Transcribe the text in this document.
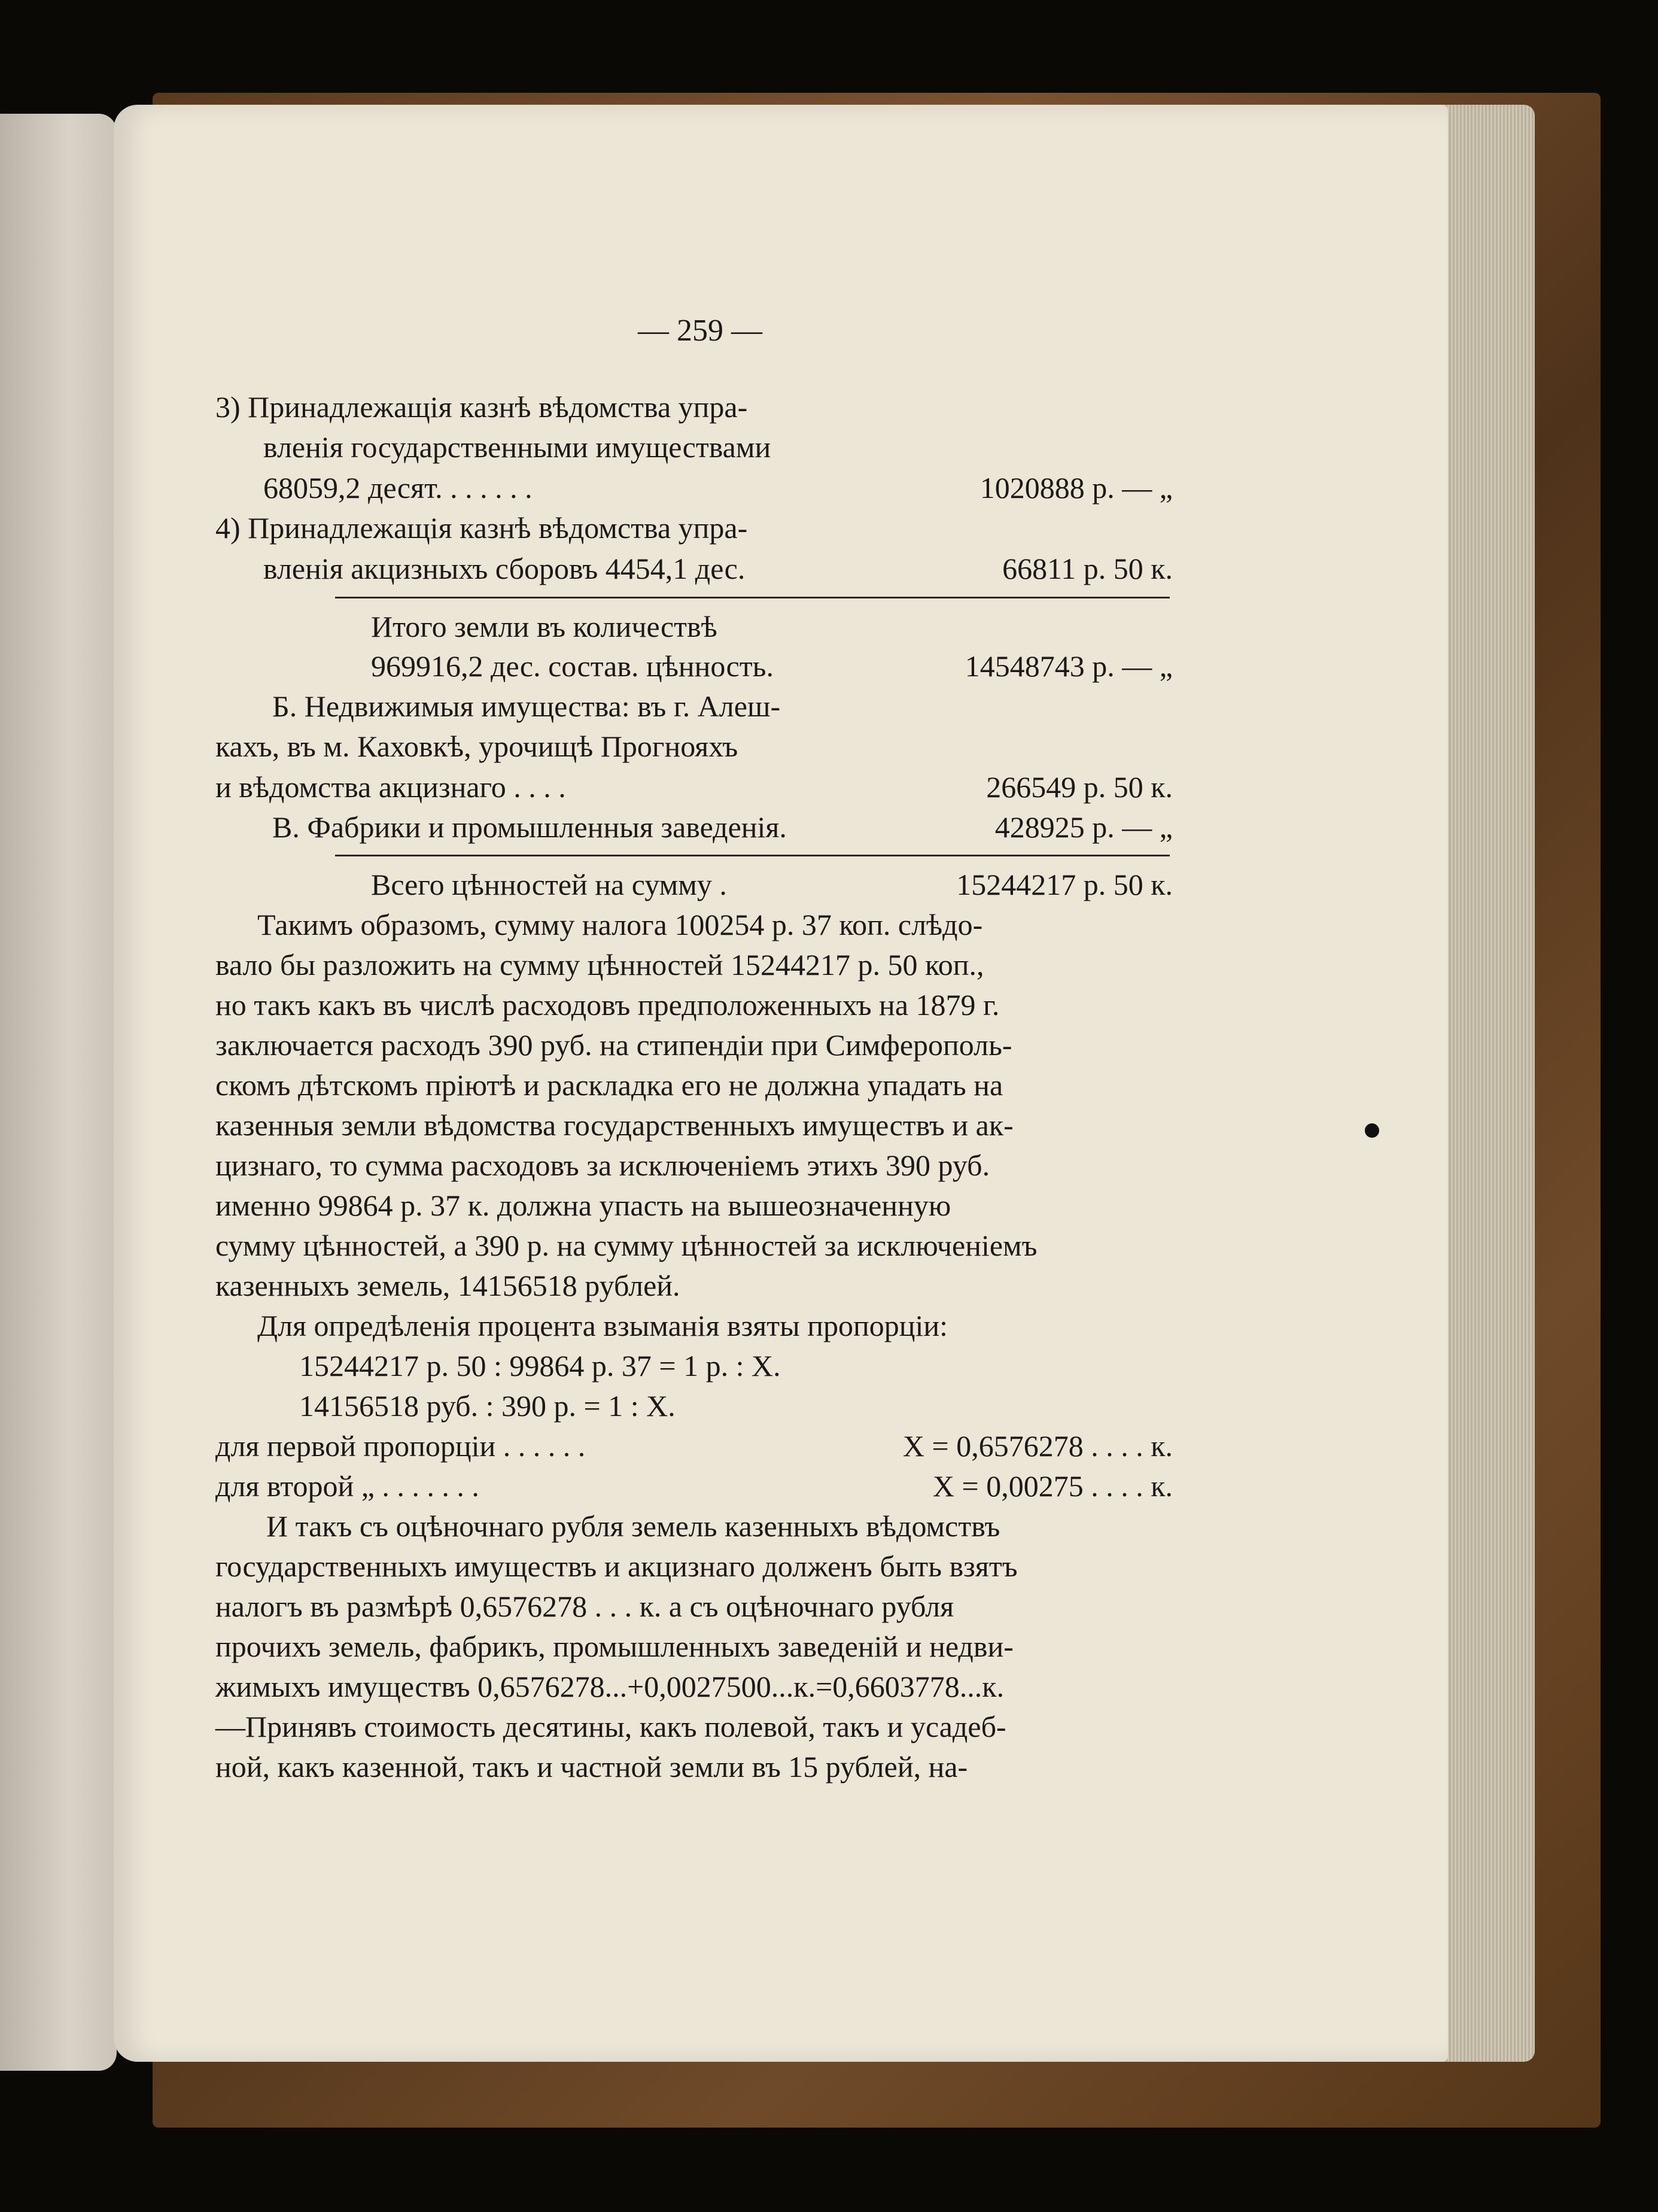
— 259 —
3) Принадлежащія казнѣ вѣдомства упра-
вленія государственными имуществами
68059,2 десят. . . . . . .	1020888 р. — „
4) Принадлежащія казнѣ вѣдомства упра-
вленія акцизныхъ сборовъ 4454,1 дес.	66811 р. 50 к.
Итого земли въ количествѣ
969916,2 дес. состав. цѣнность.	14548743 р. — „
Б. Недвижимыя имущества: въ г. Алеш-
кахъ, въ м. Каховкѣ, урочищѣ Прогнояхъ
и вѣдомства акцизнаго . . . .	266549 р. 50 к.
В. Фабрики и промышленныя заведенія.	428925 р. — „
Всего цѣнностей на сумму .	15244217 р. 50 к.
Такимъ образомъ, сумму налога 100254 р. 37 коп. слѣдо-
вало бы разложить на сумму цѣнностей 15244217 р. 50 коп.,
но такъ какъ въ числѣ расходовъ предположенныхъ на 1879 г.
заключается расходъ 390 руб. на стипендіи при Симферополь-
скомъ дѣтскомъ пріютѣ и раскладка его не должна упадать на
казенныя земли вѣдомства государственныхъ имуществъ и ак-
цизнаго, то сумма расходовъ за исключеніемъ этихъ 390 руб.
именно 99864 р. 37 к. должна упасть на вышеозначенную
сумму цѣнностей, а 390 р. на сумму цѣнностей за исключеніемъ
казенныхъ земель, 14156518 рублей.
Для опредѣленія процента взыманія взяты пропорціи:
15244217 р. 50 : 99864 р. 37 = 1 р. : X.
14156518 руб. : 390 р. = 1 : X.
для первой пропорціи . . . . . .	X = 0,6576278 . . . . к.
для второй „ . . . . . . .	X = 0,00275 . . . . к.
И такъ съ оцѣночнаго рубля земель казенныхъ вѣдомствъ
государственныхъ имуществъ и акцизнаго долженъ быть взятъ
налогъ въ размѣрѣ 0,6576278 . . . к. а съ оцѣночнаго рубля
прочихъ земель, фабрикъ, промышленныхъ заведеній и недви-
жимыхъ имуществъ 0,6576278...+0,0027500...к.=0,6603778...к.
—Принявъ стоимость десятины, какъ полевой, такъ и усадеб-
ной, какъ казенной, такъ и частной земли въ 15 рублей, на-
